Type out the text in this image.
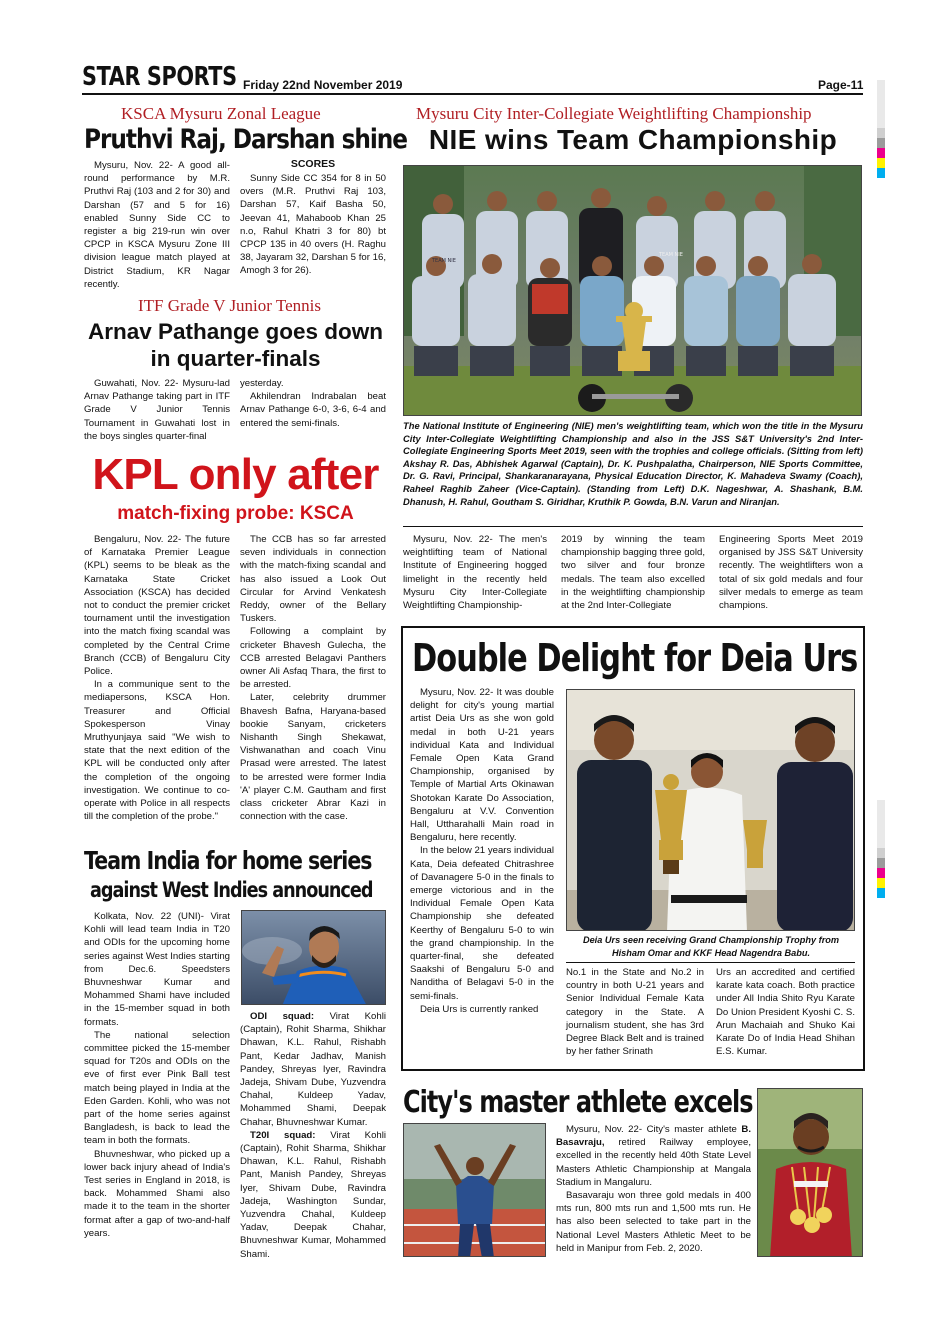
STAR SPORTS Friday 22nd November 2019	Page-11
KSCA Mysuru Zonal League
Pruthvi Raj, Darshan shine

Mysuru, Nov. 22- A good all-round performance by M.R. Pruthvi Raj (103 and 2 for 30) and Darshan (57 and 5 for 16) enabled Sunny Side CC to register a big 219-run win over CPCP in KSCA Mysuru Zone III division league match played at District Stadium, KR Nagar recently.

SCORES

Sunny Side CC 354 for 8 in 50 overs (M.R. Pruthvi Raj 103, Darshan 57, Kaif Basha 50, Jeevan 41, Mahaboob Khan 25 n.o, Rahul Khatri 3 for 80) bt CPCP 135 in 40 overs (H. Raghu 38, Jayaram 32, Darshan 5 for 16, Amogh 3 for 26).

ITF Grade V Junior Tennis
Arnav Pathange goes down
in quarter-finals

Guwahati, Nov. 22- Mysuru-lad Arnav Pathange taking part in ITF Grade V Junior Tennis Tournament in Guwahati lost in the boys singles quarter-final

yesterday.

Akhilendran Indrabalan beat Arnav Pathange 6-0, 3-6, 6-4 and entered the semi-finals.

KPL only after
match-fixing probe: KSCA

Bengaluru, Nov. 22- The future of Karnataka Premier League (KPL) seems to be bleak as the Karnataka State Cricket Association (KSCA) has decided not to conduct the premier cricket tournament until the investigation into the match fixing scandal was completed by the Central Crime Branch (CCB) of Bengaluru City Police.

In a communique sent to the mediapersons, KSCA Hon. Treasurer and Official Spokesperson Vinay Mruthyunjaya said "We wish to state that the next edition of the KPL will be conducted only after the completion of the ongoing investigation. We continue to co-operate with Police in all respects till the completion of the probe."

The CCB has so far arrested seven individuals in connection with the match-fixing scandal and has also issued a Look Out Circular for Arvind Venkatesh Reddy, owner of the Bellary Tuskers.

Following a complaint by cricketer Bhavesh Gulecha, the CCB arrested Belagavi Panthers owner Ali Asfaq Thara, the first to be arrested.

Later, celebrity drummer Bhavesh Bafna, Haryana-based bookie Sanyam, cricketers Nishanth Singh Shekawat, Vishwanathan and coach Vinu Prasad were arrested. The latest to be arrested were former India 'A' player C.M. Gautham and first class cricketer Abrar Kazi in connection with the case.

Team India for home series
against West Indies announced

Kolkata, Nov. 22 (UNI)- Virat Kohli will lead team India in T20 and ODIs for the upcoming home series against West Indies starting from Dec.6. Speedsters Bhuvneshwar Kumar and Mohammed Shami have included in the 15-member squad in both formats.

The national selection committee picked the 15-member squad for T20s and ODIs on the eve of first ever Pink Ball test match being played in India at the Eden Garden. Kohli, who was not part of the home series against Bangladesh, is back to lead the team in both the formats.

Bhuvneshwar, who picked up a lower back injury ahead of India's Test series in England in 2018, is back. Mohammed Shami also made it to the team in the shorter format after a gap of two-and-half years.

ODI squad: Virat Kohli (Captain), Rohit Sharma, Shikhar Dhawan, K.L. Rahul, Rishabh Pant, Kedar Jadhav, Manish Pandey, Shreyas Iyer, Ravindra Jadeja, Shivam Dube, Yuzvendra Chahal, Kuldeep Yadav, Mohammed Shami, Deepak Chahar, Bhuvneshwar Kumar.

T20I squad: Virat Kohli (Captain), Rohit Sharma, Shikhar Dhawan, K.L. Rahul, Rishabh Pant, Manish Pandey, Shreyas Iyer, Shivam Dube, Ravindra Jadeja, Washington Sundar, Yuzvendra Chahal, Kuldeep Yadav, Deepak Chahar, Bhuvneshwar Kumar, Mohammed Shami.

Mysuru City Inter-Collegiate Weightlifting Championship
NIE wins Team Championship
TEAM NIE
TEAM NIE
The National Institute of Engineering (NIE) men's weightlifting team, which won the title in the Mysuru City Inter-Collegiate Weightlifting Championship and also in the JSS S&T University's 2nd Inter-Collegiate Engineering Sports Meet 2019, seen with the trophies and college officials. (Sitting from left) Akshay R. Das, Abhishek Agarwal (Captain), Dr. K. Pushpalatha, Chairperson, NIE Sports Committee, Dr. G. Ravi, Principal, Shankaranarayana, Physical Education Director, K. Mahadeva Swamy (Coach), Raheel Raghib Zaheer (Vice-Captain). (Standing from Left) D.K. Nageshwar, A. Shashank, B.M. Dhanush, H. Rahul, Goutham S. Giridhar, Kruthik P. Gowda, B.N. Varun and Niranjan.

Mysuru, Nov. 22- The men's weightlifting team of National Institute of Engineering hogged limelight in the recently held Mysuru City Inter-Collegiate Weightlifting Championship-

2019 by winning the team championship bagging three gold, two silver and four bronze medals. The team also excelled in the weightlifting championship at the 2nd Inter-Collegiate

Engineering Sports Meet 2019 organised by JSS S&T University recently. The weightlifters won a total of six gold medals and four silver medals to emerge as team champions.

Double Delight for Deia Urs

Mysuru, Nov. 22- It was double delight for city's young martial artist Deia Urs as she won gold medal in both U-21 years individual Kata and Individual Female Open Kata Grand Championship, organised by Temple of Martial Arts Okinawan Shotokan Karate Do Association, Bengaluru at V.V. Convention Hall, Uttharahalli Main road in Bengaluru, here recently.

In the below 21 years individual Kata, Deia defeated Chitrashree of Davanagere 5-0 in the finals to emerge victorious and in the Individual Female Open Kata Championship she defeated Keerthy of Bengaluru 5-0 to win the grand championship. In the quarter-final, she defeated Saakshi of Bengaluru 5-0 and Nanditha of Belagavi 5-0 in the semi-finals.

Deia Urs is currently ranked

Deia Urs seen receiving Grand Championship Trophy from Hisham Omar and KKF Head Nagendra Babu.

No.1 in the State and No.2 in country in both U-21 years and Senior Individual Female Kata category in the State. A journalism student, she has 3rd Degree Black Belt and is trained by her father Srinath

Urs an accredited and certified karate kata coach. Both practice under All India Shito Ryu Karate Do Union President Kyoshi C. S. Arun Machaiah and Shuko Kai Karate Do of India Head Shihan E.S. Kumar.

City's master athlete excels

Mysuru, Nov. 22- City's master athlete B. Basavraju, retired Railway employee, excelled in the recently held 40th State Level Masters Athletic Championship at Mangala Stadium in Mangaluru.

Basavaraju won three gold medals in 400 mts run, 800 mts run and 1,500 mts run. He has also been selected to take part in the National Level Masters Athletic Meet to be held in Manipur from Feb. 2, 2020.
